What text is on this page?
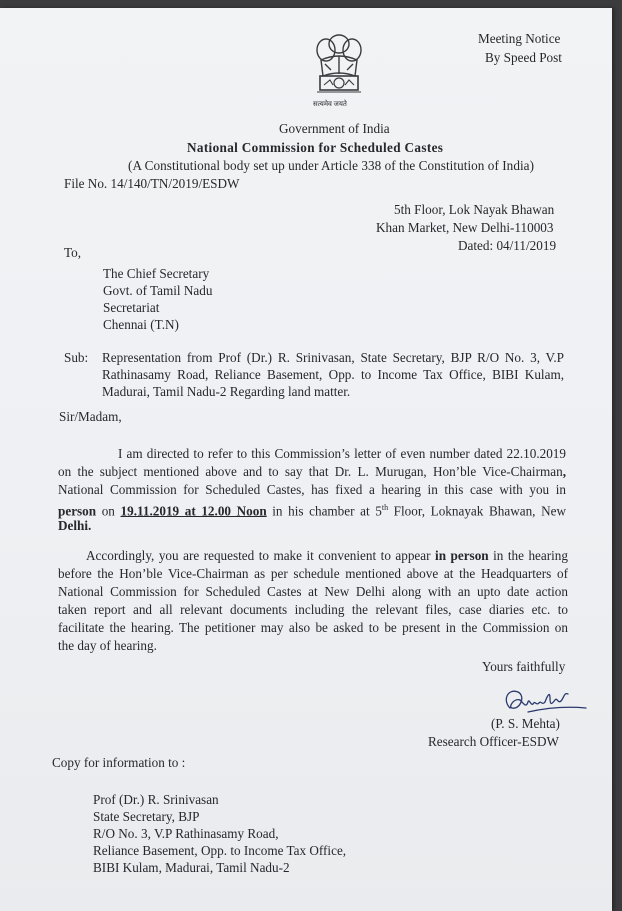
Meeting Notice
By Speed Post
सत्यमेव जयते
Government of India
National Commission for Scheduled Castes
(A Constitutional body set up under Article 338 of the Constitution of India)
File No. 14/140/TN/2019/ESDW
5th Floor, Lok Nayak Bhawan
Khan Market, New Delhi-110003
Dated: 04/11/2019
To,
The Chief Secretary
Govt. of Tamil Nadu
Secretariat
Chennai (T.N)
Sub: Representation from Prof (Dr.) R. Srinivasan, State Secretary, BJP R/O No. 3, V.P
Rathinasamy Road, Reliance Basement, Opp. to Income Tax Office, BIBI Kulam,
Madurai, Tamil Nadu-2 Regarding land matter.
Sir/Madam,
I am directed to refer to this Commission’s letter of even number dated 22.10.2019
on the subject mentioned above and to say that Dr. L. Murugan, Hon’ble Vice-Chairman,
National Commission for Scheduled Castes, has fixed a hearing in this case with you in
person on 19.11.2019 at 12.00 Noon in his chamber at 5th Floor, Loknayak Bhawan, New
Delhi.
Accordingly, you are requested to make it convenient to appear in person in the hearing
before the Hon’ble Vice-Chairman as per schedule mentioned above at the Headquarters of
National Commission for Scheduled Castes at New Delhi along with an upto date action
taken report and all relevant documents including the relevant files, case diaries etc. to
facilitate the hearing. The petitioner may also be asked to be present in the Commission on
the day of hearing.
Yours faithfully
(P. S. Mehta)
Research Officer-ESDW
Copy for information to :
Prof (Dr.) R. Srinivasan
State Secretary, BJP
R/O No. 3, V.P Rathinasamy Road,
Reliance Basement, Opp. to Income Tax Office,
BIBI Kulam, Madurai, Tamil Nadu-2
